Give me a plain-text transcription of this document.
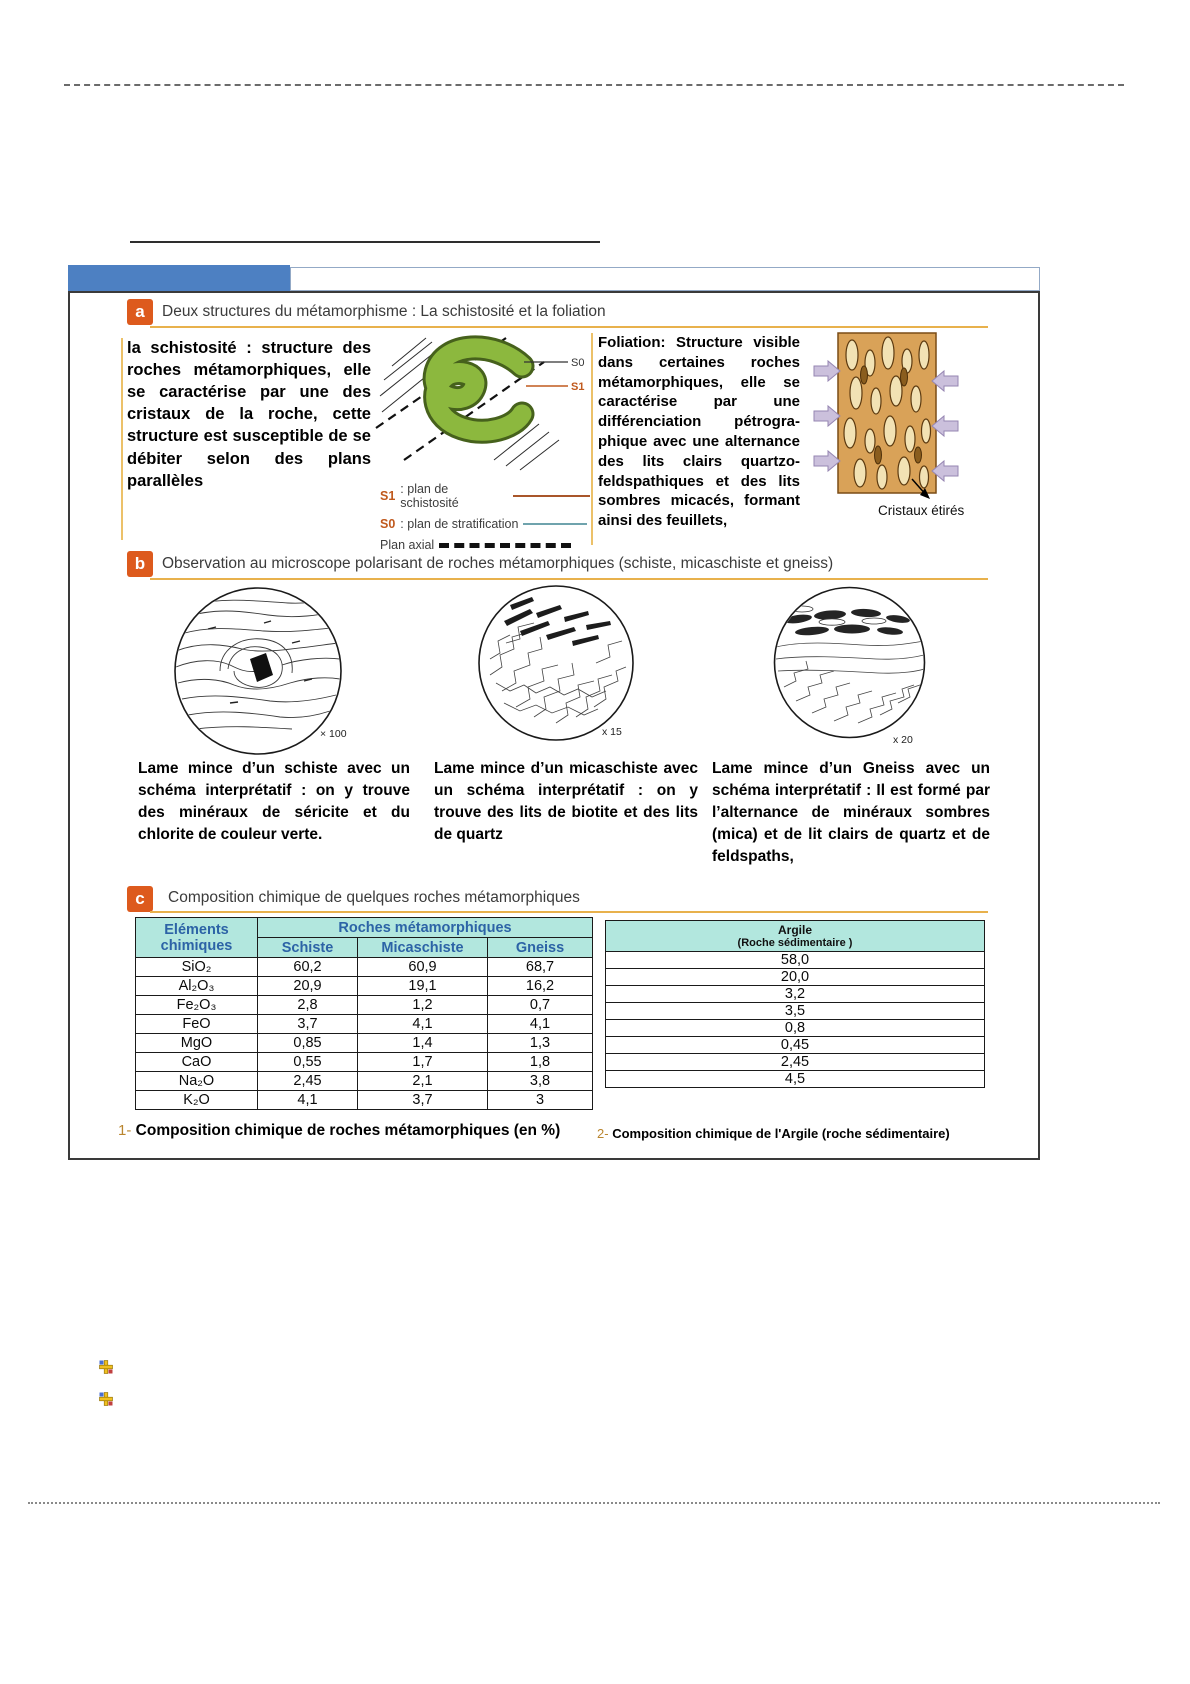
a	Deux structures du métamorphisme : La schistosité et la foliation
la schistosité : structure des roches métamorphiques, elle se caractérise par une des cristaux de la roche, cette structure est susceptible de se débiter selon des plans parallèles
S0
S1
S1 : plan de schistosité
S0 : plan de stratification
Plan axial
Foliation: Structure visible dans certaines roches métamorphiques, elle se caractérise par une différenciation pétrogra-phique avec une alternance des lits clairs quartzo-feldspathiques et des lits sombres micacés, formant ainsi des feuillets,
Cristaux étirés
b	Observation au microscope polarisant de roches métamorphiques (schiste, micaschiste et gneiss)
× 100	x 15
x 20
Lame mince d’un schiste avec un schéma interprétatif : on y trouve des minéraux de séricite et du chlorite de couleur verte.
Lame mince d’un micaschiste avec un schéma interprétatif : on y trouve des lits de biotite et des lits de quartz
Lame mince d’un Gneiss avec un schéma interprétatif : Il est formé par l’alternance de minéraux sombres (mica) et de lit clairs de quartz et de feldspaths,
c	Composition chimique de quelques roches métamorphiques
Eléments chimiques	Roches métamorphiques		
	Schiste	Micaschiste	Gneiss
SiO₂	60,2	60,9	68,7
Al₂O₃	20,9	19,1	16,2
Fe₂O₃	2,8	1,2	0,7
FeO	3,7	4,1	4,1
MgO	0,85	1,4	1,3
CaO	0,55	1,7	1,8
Na₂O	2,45	2,1	3,8
K₂O	4,1	3,7	3
Argile
(Roche sédimentaire )

58,0
20,0
3,2
3,5
0,8
0,45
2,45
4,5
1- Composition chimique de roches métamorphiques (en %)	2- Composition chimique de l'Argile (roche sédimentaire)
